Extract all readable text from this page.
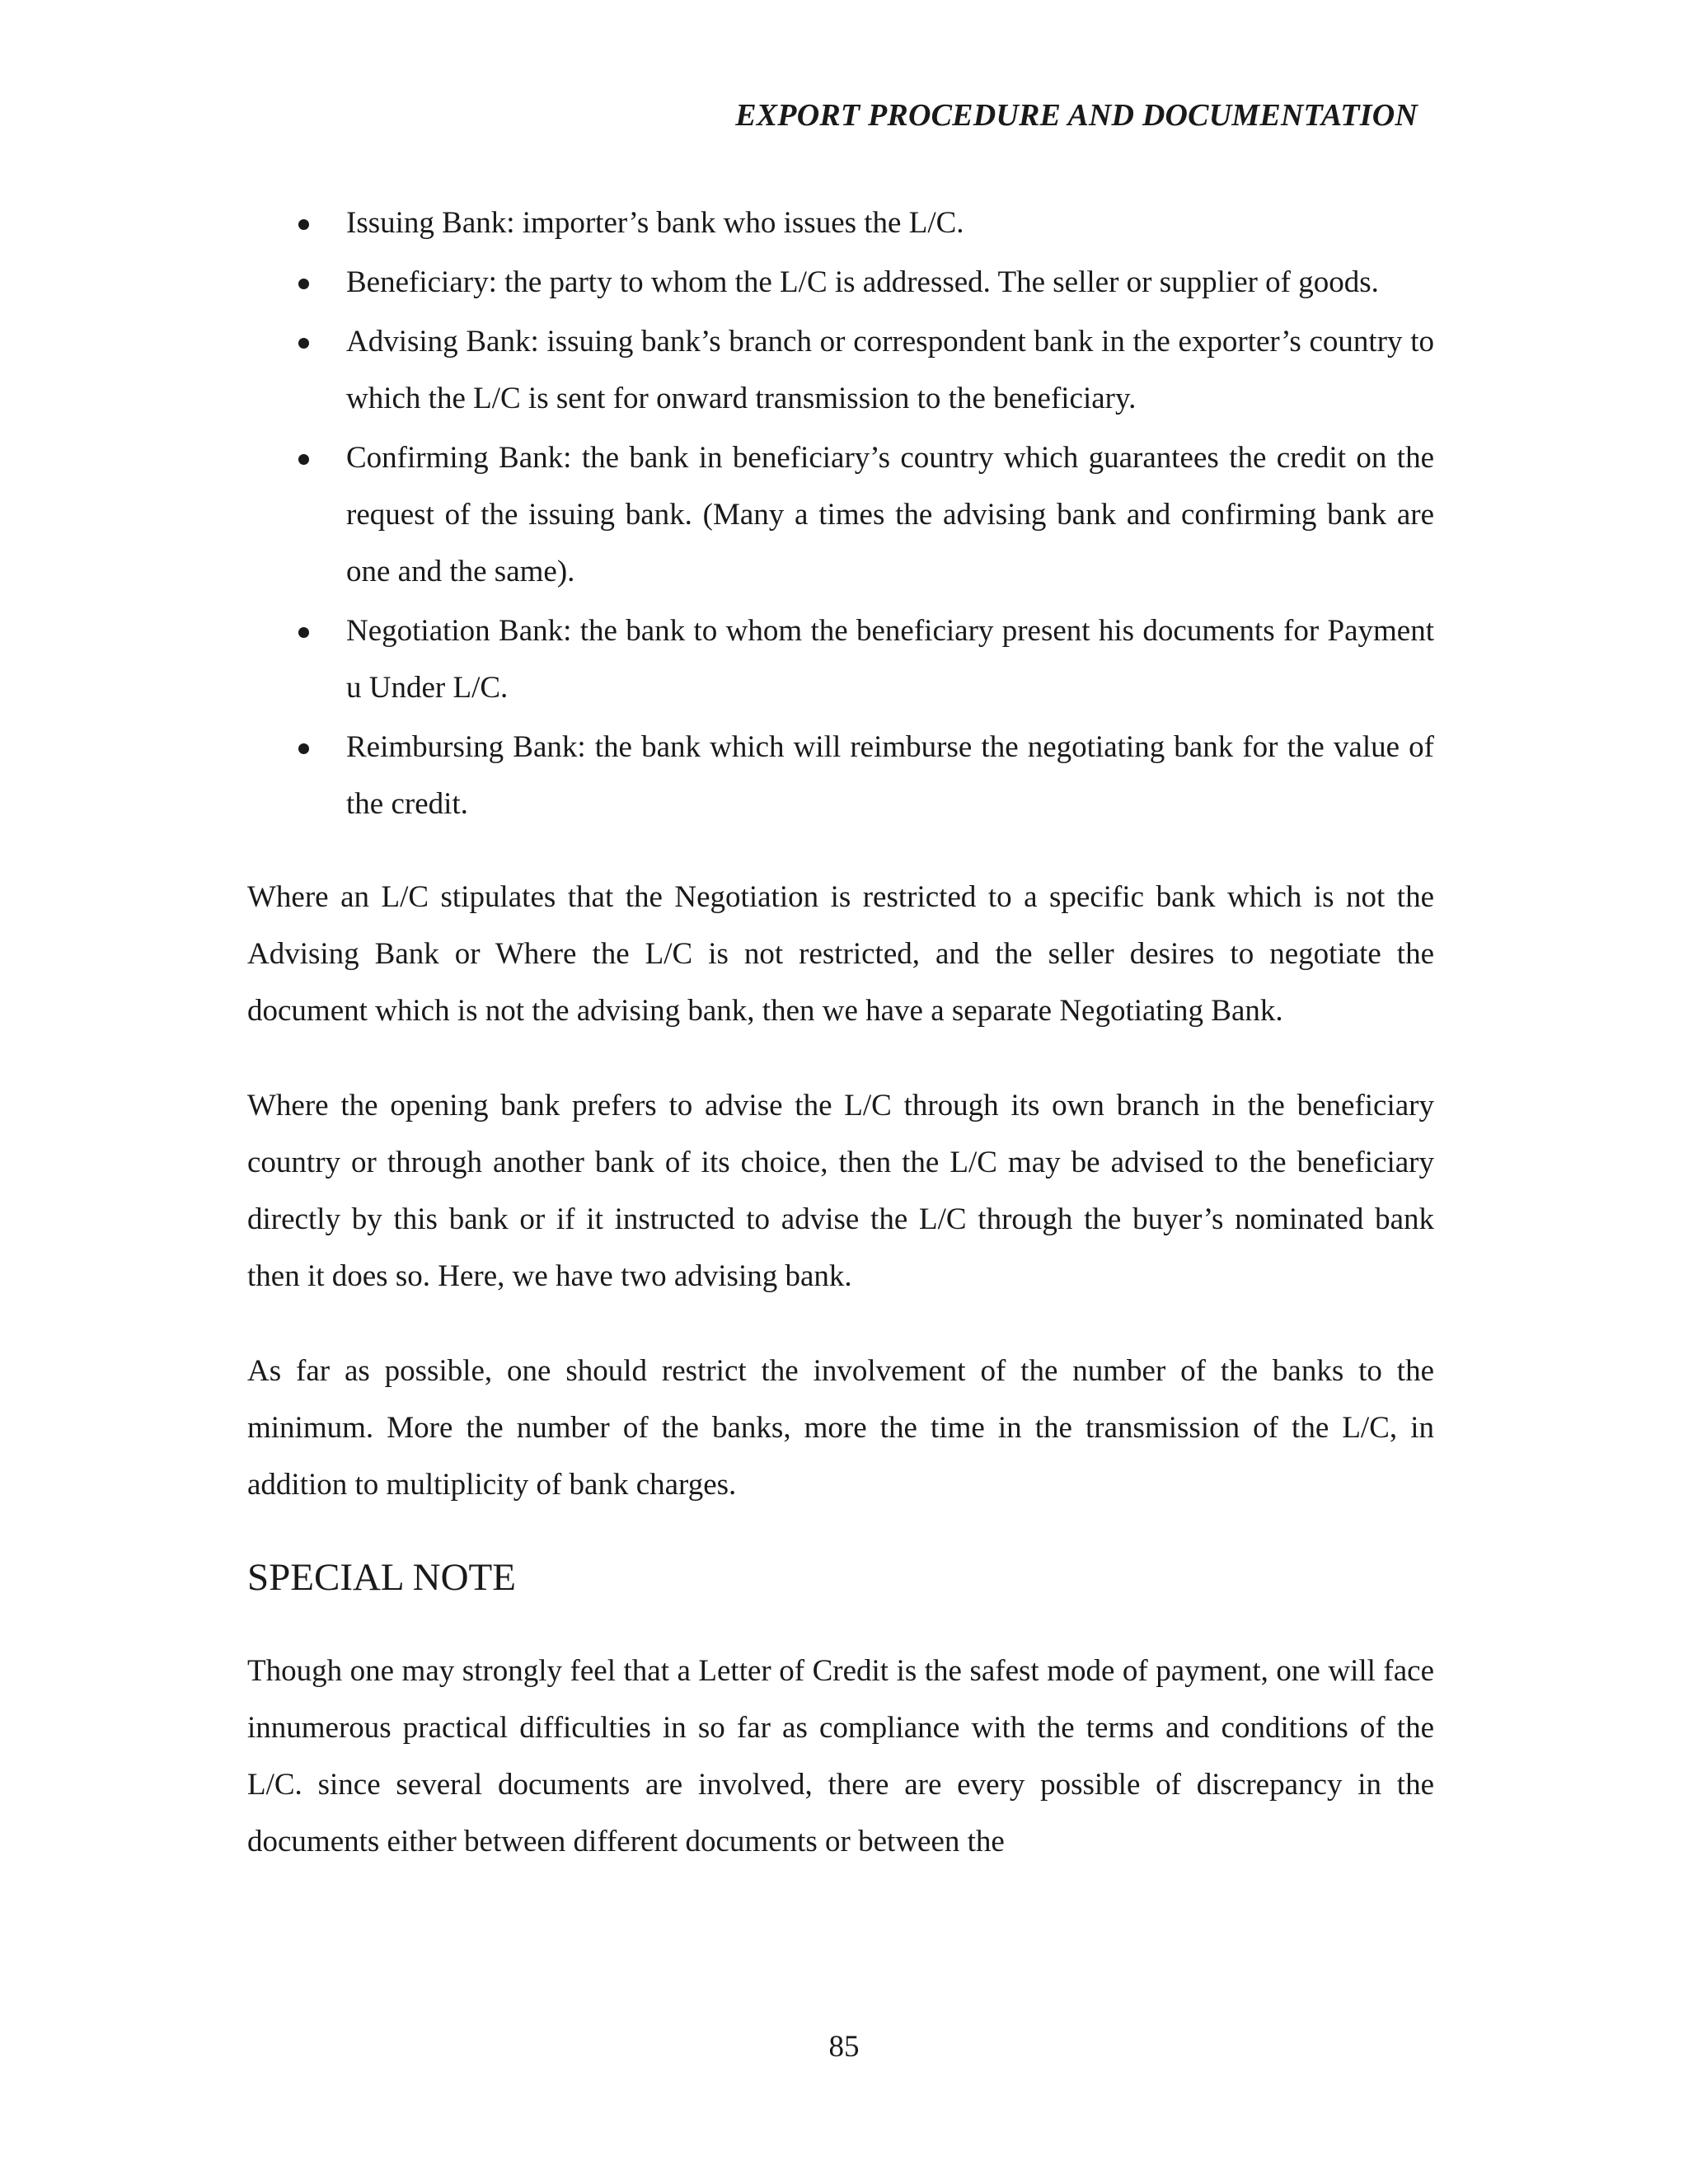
EXPORT PROCEDURE AND DOCUMENTATION
Issuing Bank: importer’s bank who issues the L/C.
Beneficiary: the party to whom the L/C is addressed. The seller or supplier of goods.
Advising Bank: issuing bank’s branch or correspondent bank in the exporter’s country to which the L/C is sent for onward transmission to the beneficiary.
Confirming Bank: the bank in beneficiary’s country which guarantees the credit on the request of the issuing bank. (Many a times the advising bank and confirming bank are one and the same).
Negotiation Bank: the bank to whom the beneficiary present his documents for Payment u Under L/C.
Reimbursing Bank: the bank which will reimburse the negotiating bank for the value of the credit.

Where an L/C stipulates that the Negotiation is restricted to a specific bank which is not the Advising Bank or Where the L/C is not restricted, and the seller desires to negotiate the document which is not the advising bank, then we have a separate Negotiating Bank.

Where the opening bank prefers to advise the L/C through its own branch in the beneficiary country or through another bank of its choice, then the L/C may be advised to the beneficiary directly by this bank or if it instructed to advise the L/C through the buyer’s nominated bank then it does so. Here, we have two advising bank.

As far as possible, one should restrict the involvement of the number of the banks to the minimum. More the number of the banks, more the time in the transmission of the L/C, in addition to multiplicity of bank charges.

SPECIAL NOTE

Though one may strongly feel that a Letter of Credit is the safest mode of payment, one will face innumerous practical difficulties in so far as compliance with the terms and conditions of the L/C. since several documents are involved, there are every possible of discrepancy in the documents either between different documents or between the

85
